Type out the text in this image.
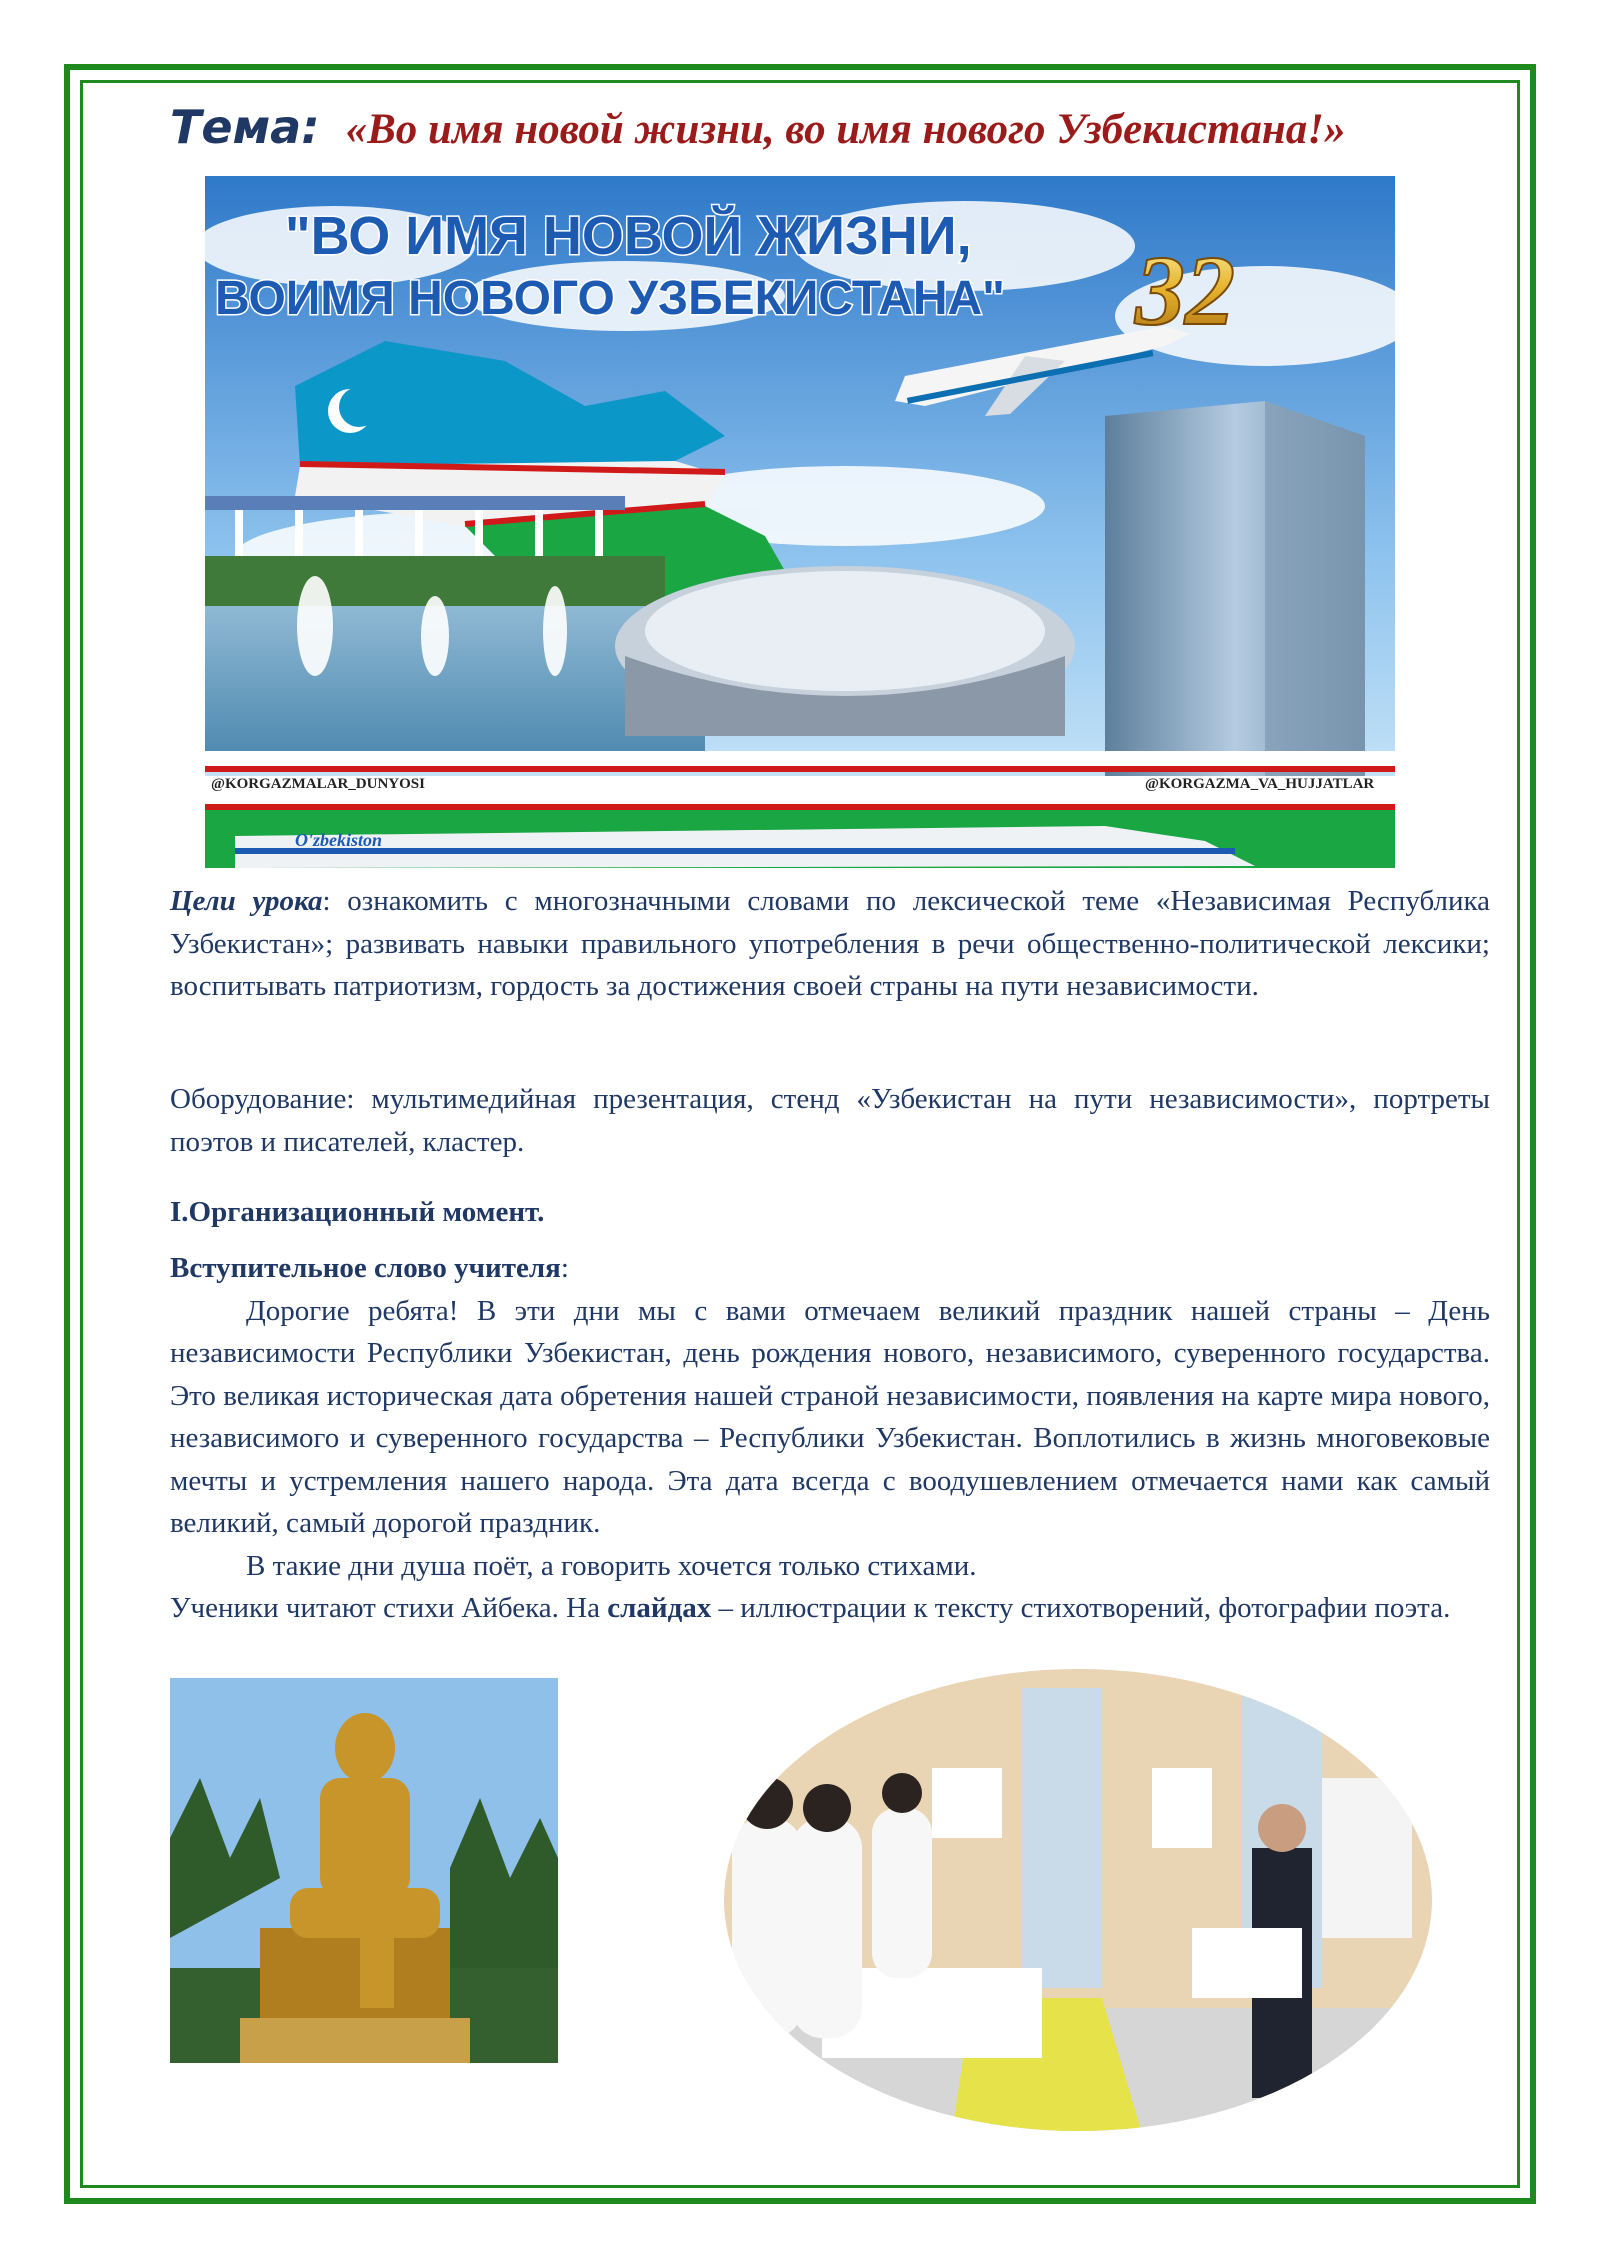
Тема: «Во имя новой жизни, во имя нового Узбекистана!»
"ВО ИМЯ НОВОЙ ЖИЗНИ,
ВОИМЯ НОВОГО УЗБЕКИСТАНА" 32
@KORGAZMALAR_DUNYOSI	@KORGAZMA_VA_HUJJATLAR
O'zbekiston

Цели урока: ознакомить с многозначными словами по лексической теме «Независимая Республика Узбекистан»; развивать навыки правильного употребления в речи общественно-политической лексики; воспитывать патриотизм, гордость за достижения своей страны на пути независимости.

Оборудование: мультимедийная презентация, стенд «Узбекистан на пути независимости», портреты поэтов и писателей, кластер.

I.Организационный момент.

Вступительное слово учителя:

Дорогие ребята! В эти дни мы с вами отмечаем великий праздник нашей страны – День независимости Республики Узбекистан, день рождения нового, независимого, суверенного государства. Это великая историческая дата обретения нашей страной независимости, появления на карте мира нового, независимого и суверенного государства – Республики Узбекистан. Воплотились в жизнь многовековые мечты и устремления нашего народа. Эта дата всегда с воодушевлением отмечается нами как самый великий, самый дорогой праздник.

В такие дни душа поёт, а говорить хочется только стихами.

Ученики читают стихи Айбека. На слайдах – иллюстрации к тексту стихотворений, фотографии поэта.
